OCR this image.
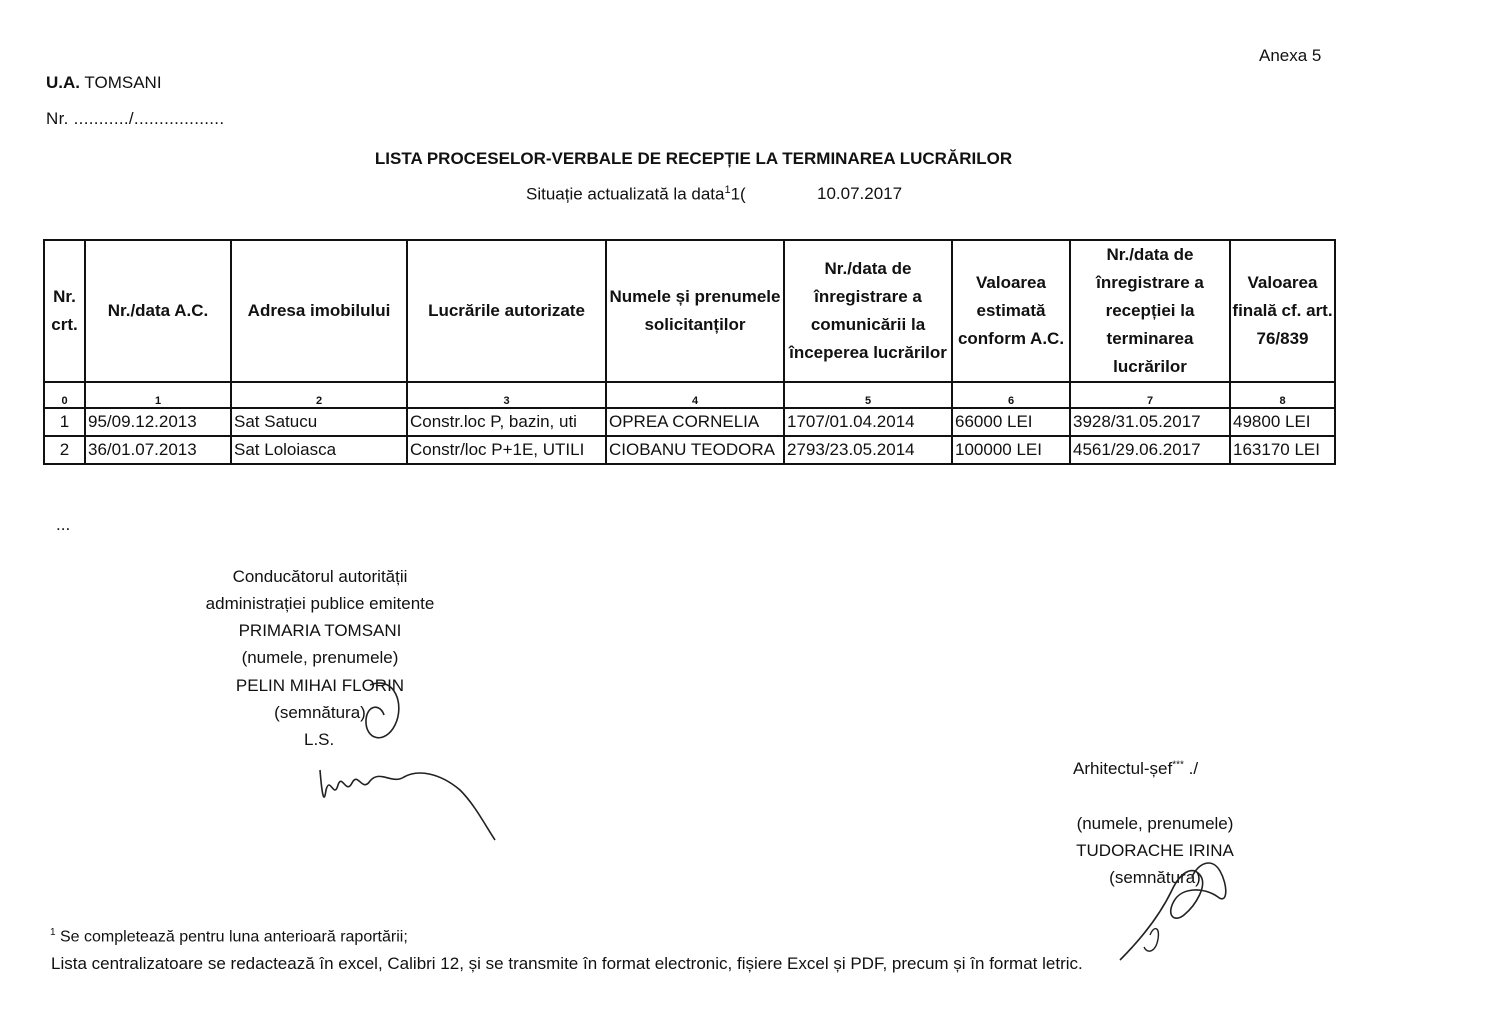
Anexa 5
U.A. TOMSANI
Nr. .........../..................
LISTA PROCESELOR-VERBALE DE RECEPȚIE LA TERMINAREA LUCRĂRILOR
Situație actualizată la data$^1$1(	10.07.2017
Nr. crt.	Nr./data A.C.	Adresa imobilului	Lucrările autorizate	Numele și prenumele solicitanților	Nr./data de înregistrare a comunicării la începerea lucrărilor	Valoarea estimată conform A.C.	Nr./data de înregistrare a recepției la terminarea lucrărilor	Valoarea finală cf. art. 76/839
0	1	2	3	4	5	6	7	8
1	95/09.12.2013	Sat Satucu	Constr.loc P, bazin, uti	OPREA CORNELIA	1707/01.04.2014	66000 LEI	3928/31.05.2017	49800 LEI
2	36/01.07.2013	Sat Loloiasca	Constr/loc P+1E, UTILI	CIOBANU TEODORA	2793/23.05.2014	100000 LEI	4561/29.06.2017	163170 LEI
...
Conducătorul autorității
administrației publice emitente
PRIMARIA TOMSANI
(numele, prenumele)
PELIN MIHAI FLORIN
(semnătura)
L.S.
Arhitectul-șef*** ./
(numele, prenumele)
TUDORACHE IRINA
(semnătura)
$^1$ Se completează pentru luna anterioară raportării;
Lista centralizatoare se redactează în excel, Calibri 12, și se transmite în format electronic, fișiere Excel și PDF, precum și în format letric.
